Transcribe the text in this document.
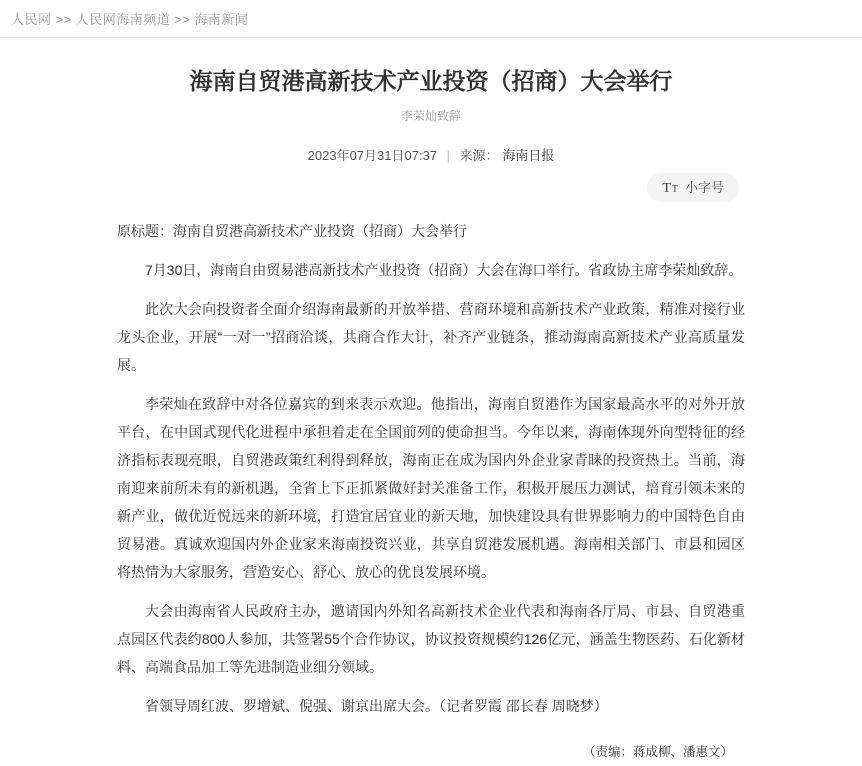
人民网 >> 人民网海南频道 >> 海南新闻
海南自贸港高新技术产业投资（招商）大会举行
李荣灿致辞
2023年07月31日07:37 | 来源： 海南日报
T T 小字号

原标题：海南自贸港高新技术产业投资（招商）大会举行

7月30日，海南自由贸易港高新技术产业投资（招商）大会在海口举行。省政协主席李荣灿致辞。

此次大会向投资者全面介绍海南最新的开放举措、营商环境和高新技术产业政策，精准对接行业龙头企业，开展“一对一”招商洽谈，共商合作大计，补齐产业链条，推动海南高新技术产业高质量发展。

李荣灿在致辞中对各位嘉宾的到来表示欢迎。他指出，海南自贸港作为国家最高水平的对外开放平台，在中国式现代化进程中承担着走在全国前列的使命担当。今年以来，海南体现外向型特征的经济指标表现亮眼，自贸港政策红利得到释放，海南正在成为国内外企业家青睐的投资热土。当前，海南迎来前所未有的新机遇，全省上下正抓紧做好封关准备工作，积极开展压力测试，培育引领未来的新产业，做优近悦远来的新环境，打造宜居宜业的新天地，加快建设具有世界影响力的中国特色自由贸易港。真诚欢迎国内外企业家来海南投资兴业，共享自贸港发展机遇。海南相关部门、市县和园区将热情为大家服务，营造安心、舒心、放心的优良发展环境。

大会由海南省人民政府主办，邀请国内外知名高新技术企业代表和海南各厅局、市县、自贸港重点园区代表约800人参加，共签署55个合作协议，协议投资规模约126亿元，涵盖生物医药、石化新材料、高端食品加工等先进制造业细分领域。

省领导周红波、罗增斌、倪强、谢京出席大会。（记者罗霞 邵长春 周晓梦）

（责编：蒋成柳、潘惠文）
